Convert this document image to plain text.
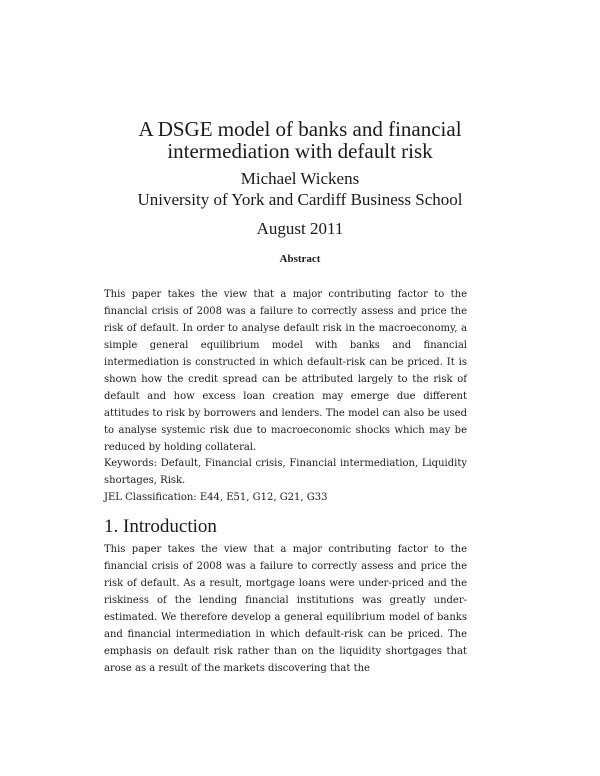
A DSGE model of banks and financial
intermediation with default risk
Michael Wickens
University of York and Cardiff Business School
August 2011
Abstract

This paper takes the view that a major contributing factor to the financial crisis of 2008 was a failure to correctly assess and price the risk of default. In order to analyse default risk in the macroeconomy, a simple general equilibrium model with banks and financial intermediation is constructed in which default-risk can be priced. It is shown how the credit spread can be attributed largely to the risk of default and how excess loan creation may emerge due different attitudes to risk by borrowers and lenders. The model can also be used to analyse systemic risk due to macroeconomic shocks which may be reduced by holding collateral.

Keywords: Default, Financial crisis, Financial intermediation, Liquidity shortages, Risk.

JEL Classification: E44, E51, G12, G21, G33

1. Introduction

This paper takes the view that a major contributing factor to the financial crisis of 2008 was a failure to correctly assess and price the risk of default. As a result, mortgage loans were under-priced and the riskiness of the lending financial institutions was greatly under-estimated. We therefore develop a general equilibrium model of banks and financial intermediation in which default-risk can be priced. The emphasis on default risk rather than on the liquidity shortgages that arose as a result of the markets discovering that the
